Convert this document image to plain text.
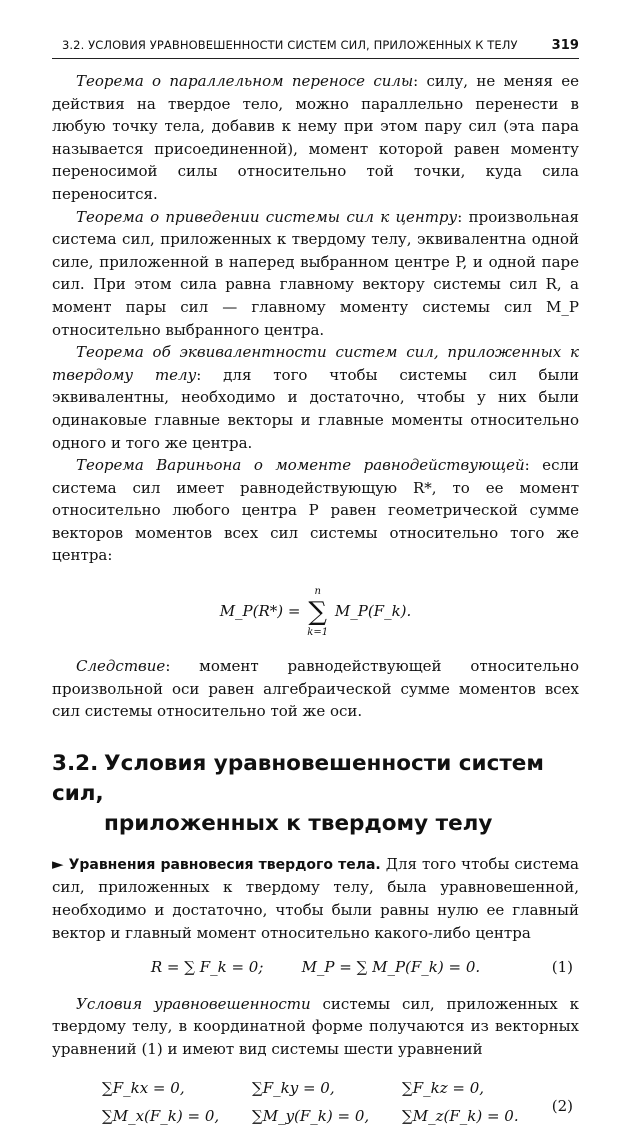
3.2. УСЛОВИЯ УРАВНОВЕШЕННОСТИ СИСТЕМ СИЛ, ПРИЛОЖЕННЫХ К ТЕЛУ	319

Теорема о параллельном переносе силы: силу, не меняя ее действия на твердое тело, можно параллельно перенести в любую точку тела, добавив к нему при этом пару сил (эта пара называется присоединенной), момент которой равен моменту переносимой силы относительно той точки, куда сила переносится.

Теорема о приведении системы сил к центру: произвольная система сил, приложенных к твердому телу, эквивалентна одной силе, приложенной в наперед выбранном центре P, и одной паре сил. При этом сила равна главному вектору системы сил R, а момент пары сил — главному моменту системы сил M_P относительно выбранного центра.

Теорема об эквивалентности систем сил, приложенных к твердому телу: для того чтобы системы сил были эквивалентны, необходимо и достаточно, чтобы у них были одинаковые главные векторы и главные моменты относительно одного и того же центра.

Теорема Вариньона о моменте равнодействующей: если система сил имеет равнодействующую R*, то ее момент относительно любого центра P равен геометрической сумме векторов моментов всех сил системы относительно того же центра:

M_P(R*) =
n
∑
k=1
M_P(F_k).

Следствие: момент равнодействующей относительно произвольной оси равен алгебраической сумме моментов всех сил системы относительно той же оси.

3.2. Условия уравновешенности систем сил,
приложенных к твердому телу

► Уравнения равновесия твердого тела. Для того чтобы система сил, приложенных к твердому телу, была уравновешенной, необходимо и достаточно, чтобы были равны нулю ее главный вектор и главный момент относительно какого-либо центра

R = ∑ F_k = 0;	M_P = ∑ M_P(F_k) = 0.	(1)

Условия уравновешенности системы сил, приложенных к твердому телу, в координатной форме получаются из векторных уравнений (1) и имеют вид системы шести уравнений

∑F_kx = 0,	∑F_ky = 0,	∑F_kz = 0,
∑M_x(F_k) = 0, ∑M_y(F_k) = 0, ∑M_z(F_k) = 0.
(2)
